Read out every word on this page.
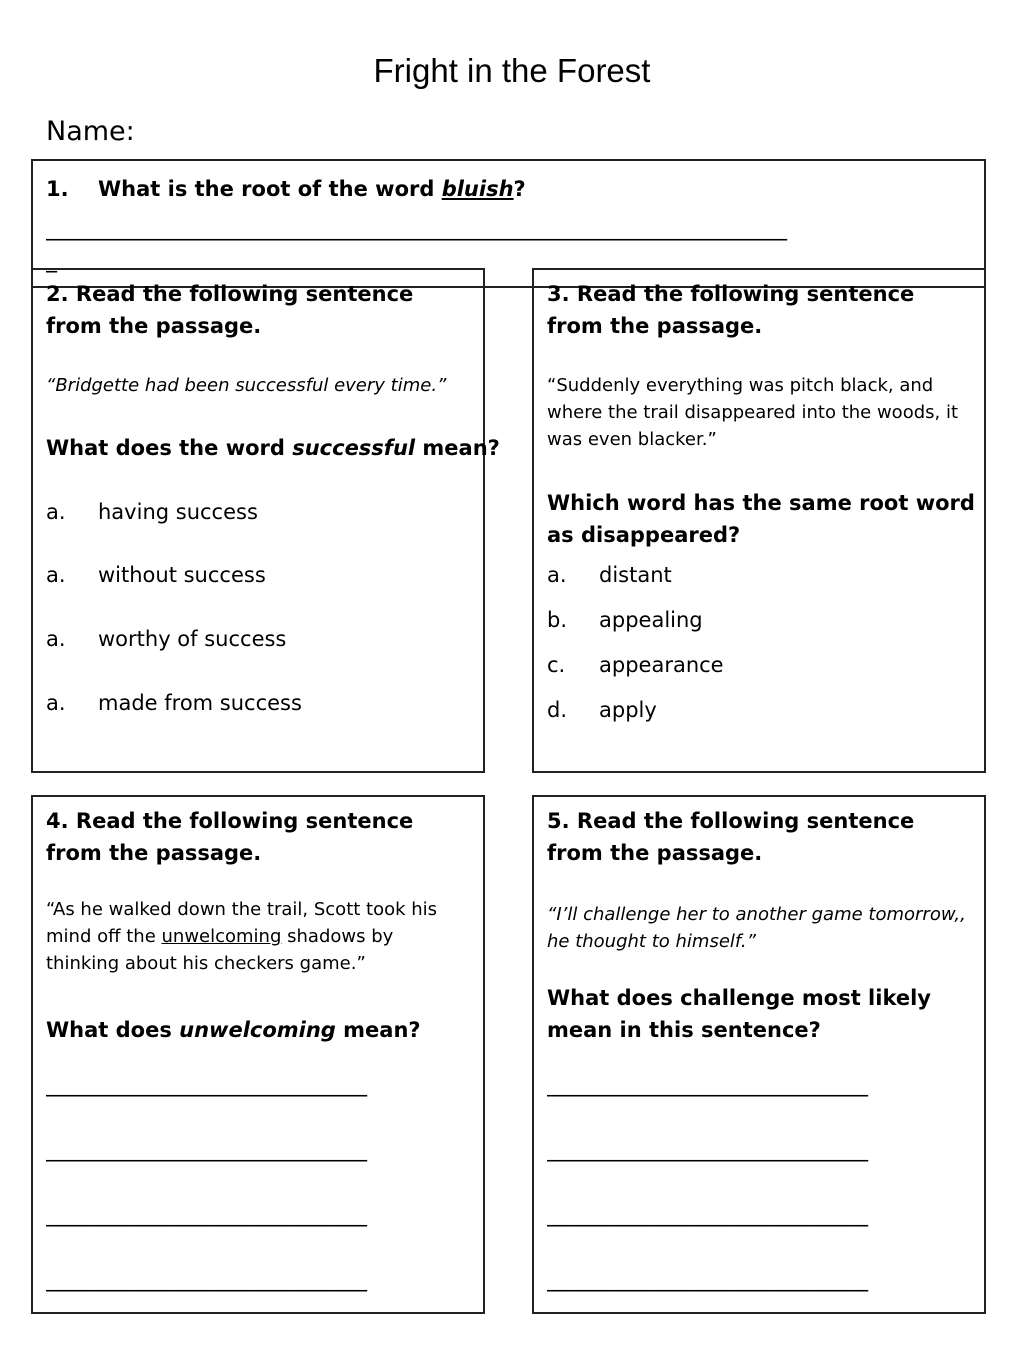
Fright in the Forest
Name:
1. What is the root of the word bluish?
__________________________________________________________________________
_
2. Read the following sentence from the passage.
“Bridgette had been successful every time.”
What does the word successful mean?
a. having success
a. without success
a. worthy of success
a. made from success
3. Read the following sentence from the passage.
“Suddenly everything was pitch black, and where the trail disappeared into the woods, it was even blacker.”
Which word has the same root word as disappeared?
a. distant
b. appealing
c. appearance
d. apply
4. Read the following sentence from the passage.
“As he walked down the trail, Scott took his mind off the unwelcoming shadows by thinking about his checkers game.”
What does unwelcoming mean?
________________________________
________________________________
________________________________
________________________________
5. Read the following sentence from the passage.
“I’ll challenge her to another game tomorrow,, he thought to himself.”
What does challenge most likely mean in this sentence?
________________________________
________________________________
________________________________
________________________________
